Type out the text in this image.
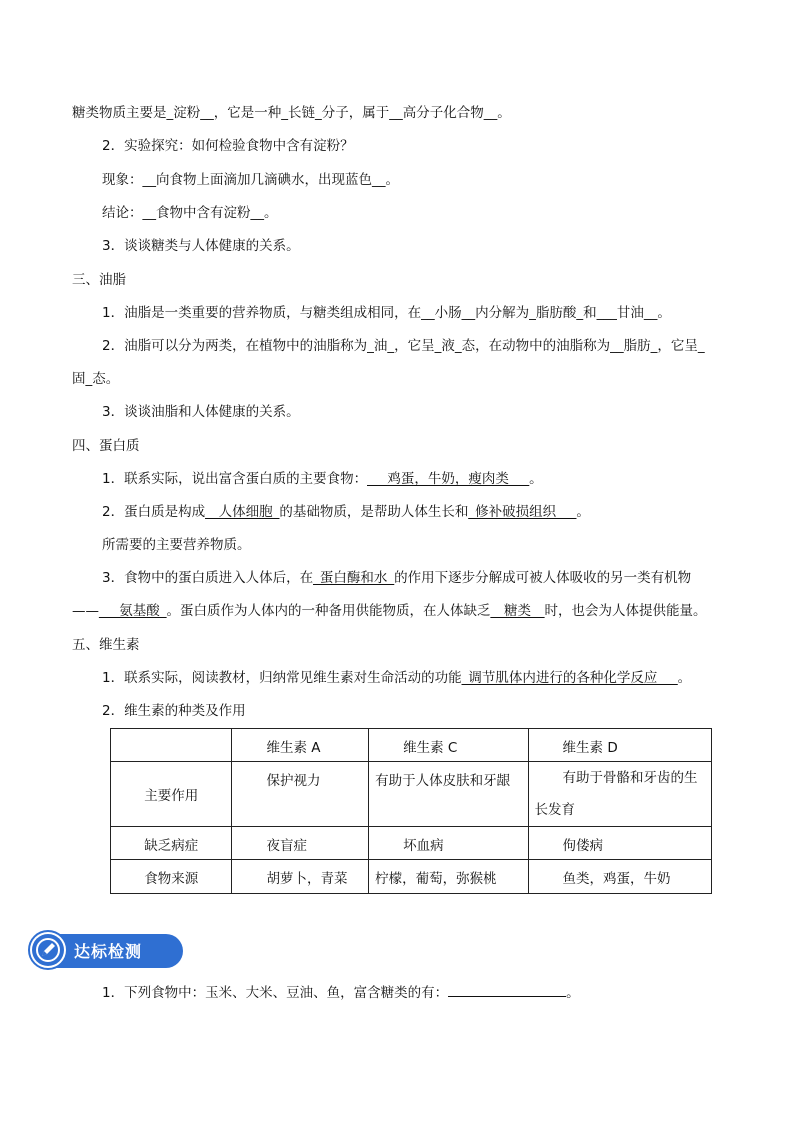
糖类物质主要是_淀粉__，它是一种_长链_分子，属于__高分子化合物__。
2．实验探究：如何检验食物中含有淀粉？
现象：__向食物上面滴加几滴碘水，出现蓝色__。
结论：__食物中含有淀粉__。
3．谈谈糖类与人体健康的关系。
三、油脂
1．油脂是一类重要的营养物质，与糖类组成相同，在__小肠__内分解为_脂肪酸_和___甘油__。
2．油脂可以分为两类，在植物中的油脂称为_油_，它呈_液_态，在动物中的油脂称为__脂肪_，它呈_
固_态。
3．谈谈油脂和人体健康的关系。
四、蛋白质
1．联系实际，说出富含蛋白质的主要食物：___鸡蛋，牛奶，瘦肉类___。
2．蛋白质是构成__人体细胞_的基础物质，是帮助人体生长和_修补破损组织___。
所需要的主要营养物质。
3．食物中的蛋白质进入人体后，在_蛋白酶和水_的作用下逐步分解成可被人体吸收的另一类有机物
——___氨基酸_。蛋白质作为人体内的一种备用供能物质，在人体缺乏__糖类__时，也会为人体提供能量。
五、维生素
1．联系实际，阅读教材，归纳常见维生素对生命活动的功能_调节肌体内进行的各种化学反应___。
2．维生素的种类及作用

	维生素 A	维生素 C	维生素 D

主要作用	保护视力	有助于人体皮肤和牙龈	有助于骨骼和牙齿的生长发育

缺乏病症	夜盲症	坏血病	佝偻病

食物来源	胡萝卜，青菜	柠檬，葡萄，弥猴桃	鱼类，鸡蛋，牛奶
达标检测
1．下列食物中：玉米、大米、豆油、鱼，富含糖类的有：	。
